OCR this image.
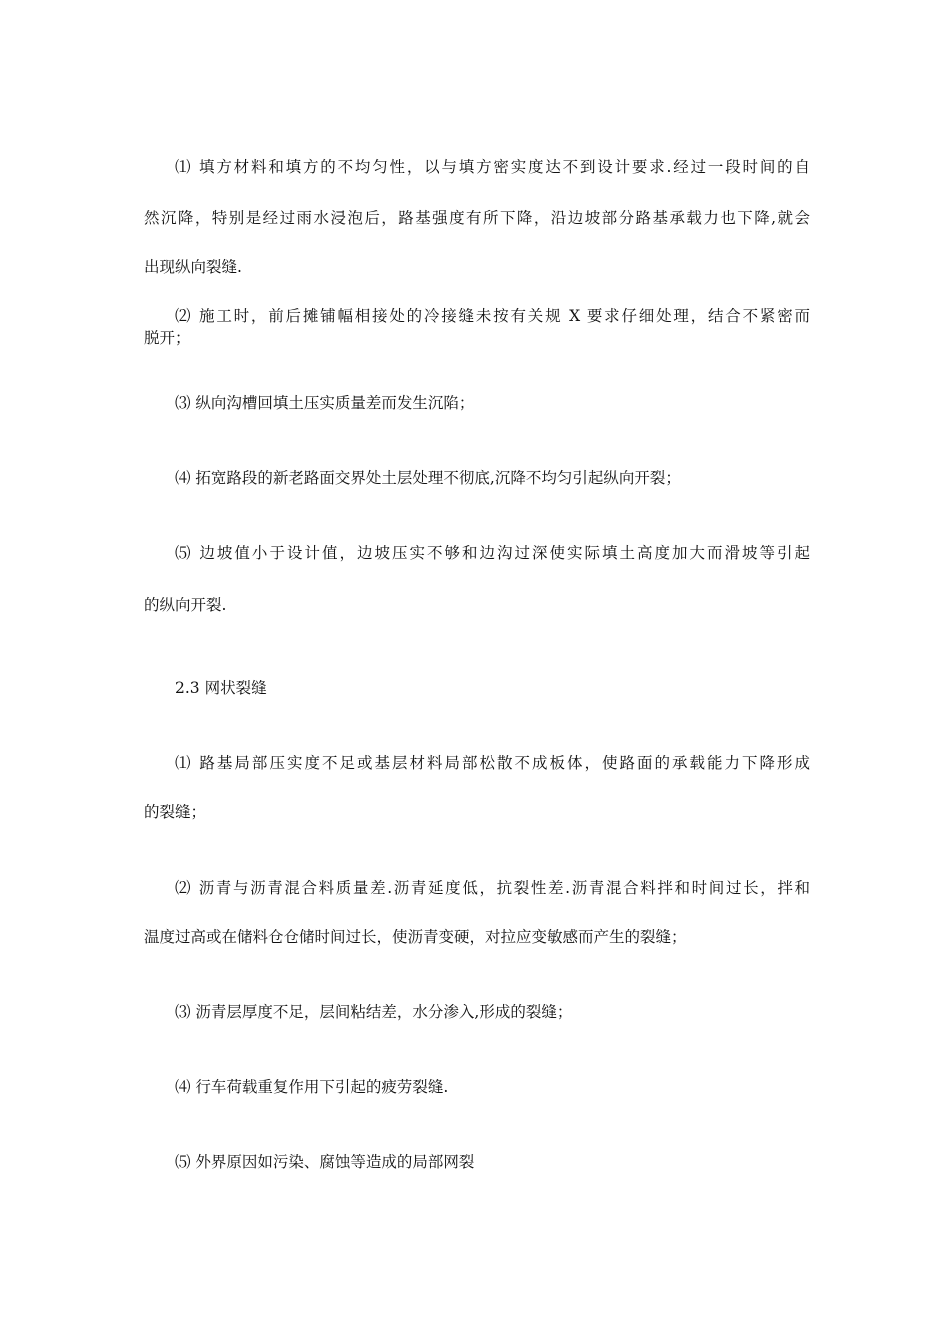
⑴ 填方材料和填方的不均匀性，以与填方密实度达不到设计要求.经过一段时间的自

然沉降，特别是经过雨水浸泡后，路基强度有所下降，沿边坡部分路基承载力也下降,就会

出现纵向裂缝.

⑵ 施工时，前后摊铺幅相接处的冷接缝未按有关规 X 要求仔细处理，结合不紧密而

脱开；

⑶ 纵向沟槽回填土压实质量差而发生沉陷；

⑷ 拓宽路段的新老路面交界处土层处理不彻底,沉降不均匀引起纵向开裂；

⑸ 边坡值小于设计值，边坡压实不够和边沟过深使实际填土高度加大而滑坡等引起

的纵向开裂.

2.3 网状裂缝

⑴ 路基局部压实度不足或基层材料局部松散不成板体，使路面的承载能力下降形成

的裂缝；

⑵ 沥青与沥青混合料质量差.沥青延度低，抗裂性差.沥青混合料拌和时间过长，拌和

温度过高或在储料仓仓储时间过长，使沥青变硬，对拉应变敏感而产生的裂缝；

⑶ 沥青层厚度不足，层间粘结差，水分渗入,形成的裂缝；

⑷ 行车荷载重复作用下引起的疲劳裂缝.

⑸ 外界原因如污染、腐蚀等造成的局部网裂
